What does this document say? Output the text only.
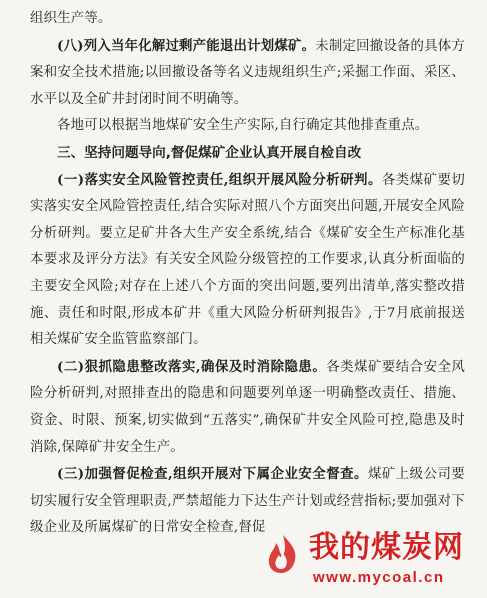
组织生产等。

(八)列入当年化解过剩产能退出计划煤矿。未制定回撤设备的具体方案和安全技术措施;以回撤设备等名义违规组织生产;采掘工作面、采区、水平以及全矿井封闭时间不明确等。

各地可以根据当地煤矿安全生产实际,自行确定其他排查重点。

三、坚持问题导向,督促煤矿企业认真开展自检自改

(一)落实安全风险管控责任,组织开展风险分析研判。各类煤矿要切实落实安全风险管控责任,结合实际对照八个方面突出问题,开展安全风险分析研判。要立足矿井各大生产安全系统,结合《煤矿安全生产标准化基本要求及评分方法》有关安全风险分级管控的工作要求,认真分析面临的主要安全风险;对存在上述八个方面的突出问题,要列出清单,落实整改措施、责任和时限,形成本矿井《重大风险分析研判报告》,于7月底前报送相关煤矿安全监管监察部门。

(二)狠抓隐患整改落实,确保及时消除隐患。各类煤矿要结合安全风险分析研判,对照排查出的隐患和问题要列单逐一明确整改责任、措施、资金、时限、预案,切实做到“五落实”,确保矿井安全风险可控,隐患及时消除,保障矿井安全生产。

(三)加强督促检查,组织开展对下属企业安全督查。煤矿上级公司要切实履行安全管理职责,严禁超能力下达生产计划或经营指标;要加强对下级企业及所属煤矿的日常安全检查,督促

我的煤炭网
www.mycoal.cn
